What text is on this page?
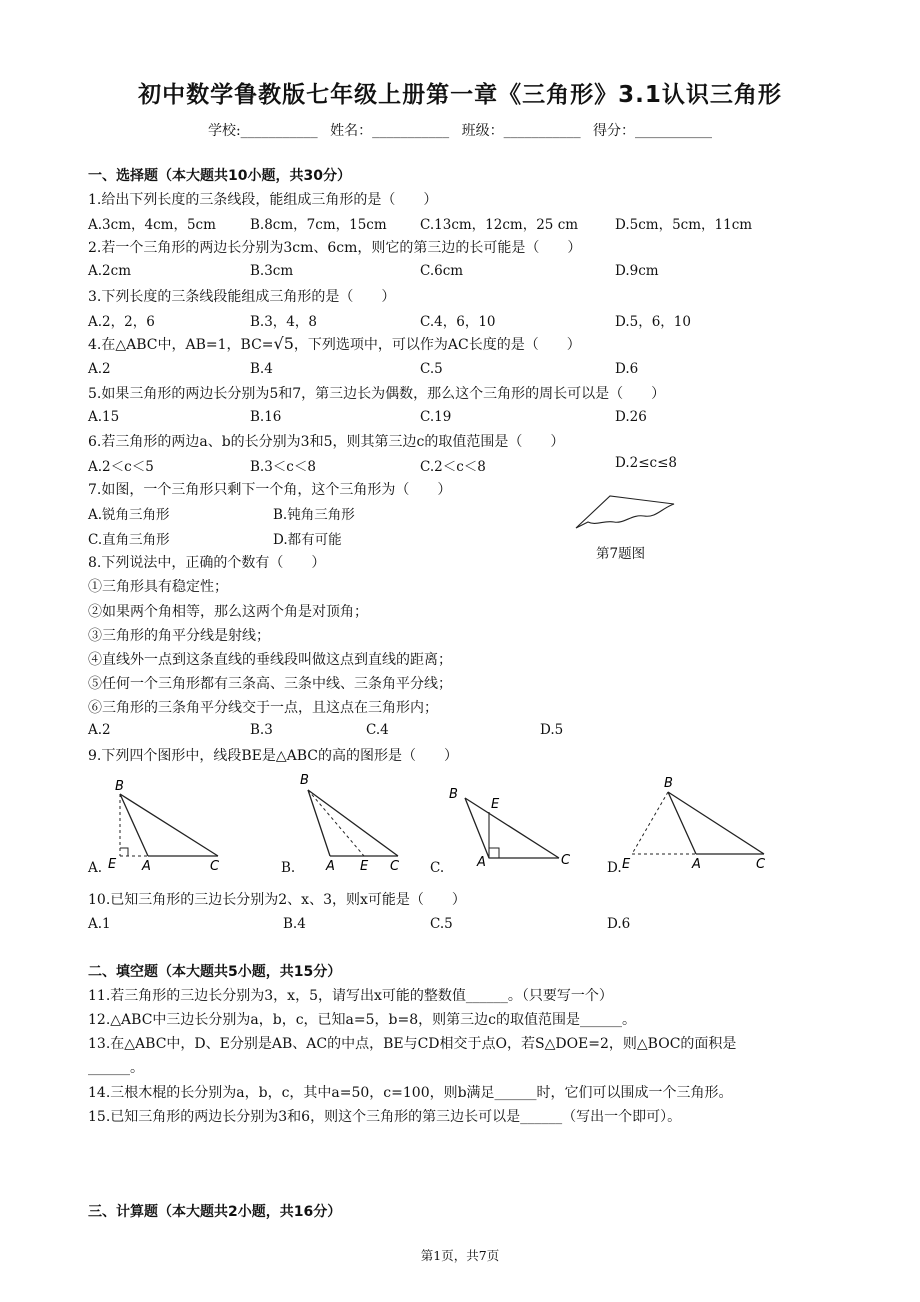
初中数学鲁教版七年级上册第一章《三角形》3.1认识三角形
学校:___________ 姓名：___________ 班级：___________ 得分：___________
一、选择题（本大题共10小题，共30分）
1.给出下列长度的三条线段，能组成三角形的是（　　）
A.3cm，4cm，5cm	B.8cm，7cm，15cm C.13cm，12cm，25 cm	D.5cm，5cm，11cm
2.若一个三角形的两边长分别为3cm、6cm，则它的第三边的长可能是（　　）
A.2cm	B.3cm	C.6cm	D.9cm
3.下列长度的三条线段能组成三角形的是（　　）
A.2，2，6	B.3，4，8	C.4，6，10	D.5，6，10
4.在△ABC中，AB=1，BC=√5，下列选项中，可以作为AC长度的是（　　）
A.2	B.4	C.5	D.6
5.如果三角形的两边长分别为5和7，第三边长为偶数，那么这个三角形的周长可以是（　　）
A.15	B.16	C.19	D.26
6.若三角形的两边a、b的长分别为3和5，则其第三边c的取值范围是（　　）
A.2＜c＜5	B.3＜c＜8	C.2＜c＜8	D.2≤c≤8
7.如图，一个三角形只剩下一个角，这个三角形为（　　）
A.锐角三角形	B.钝角三角形
C.直角三角形	D.都有可能
第7题图
8.下列说法中，正确的个数有（　　）
①三角形具有稳定性；
②如果两个角相等，那么这两个角是对顶角；
③三角形的角平分线是射线；
④直线外一点到这条直线的垂线段叫做这点到直线的距离；
⑤任何一个三角形都有三条高、三条中线、三条角平分线；
⑥三角形的三条角平分线交于一点，且这点在三角形内；
A.2	B.3	C.4	D.5
9.下列四个图形中，线段BE是△ABC的高的图形是（　　）
A.
B
E A	C	B.
B
A E C C.
B
E
A	C	D.
B
E	A	C
10.已知三角形的三边长分别为2、x、3，则x可能是（　　）
A.1	B.4	C.5	D.6
二、填空题（本大题共5小题，共15分）
11.若三角形的三边长分别为3，x，5，请写出x可能的整数值______。（只要写一个）
12.△ABC中三边长分别为a，b，c，已知a=5，b=8，则第三边c的取值范围是______。
13.在△ABC中，D、E分别是AB、AC的中点，BE与CD相交于点O，若S△DOE=2，则△BOC的面积是
______。
14.三根木棍的长分别为a，b，c，其中a=50，c=100，则b满足______时，它们可以围成一个三角形。
15.已知三角形的两边长分别为3和6，则这个三角形的第三边长可以是______（写出一个即可）。
三、计算题（本大题共2小题，共16分）
第1页，共7页
